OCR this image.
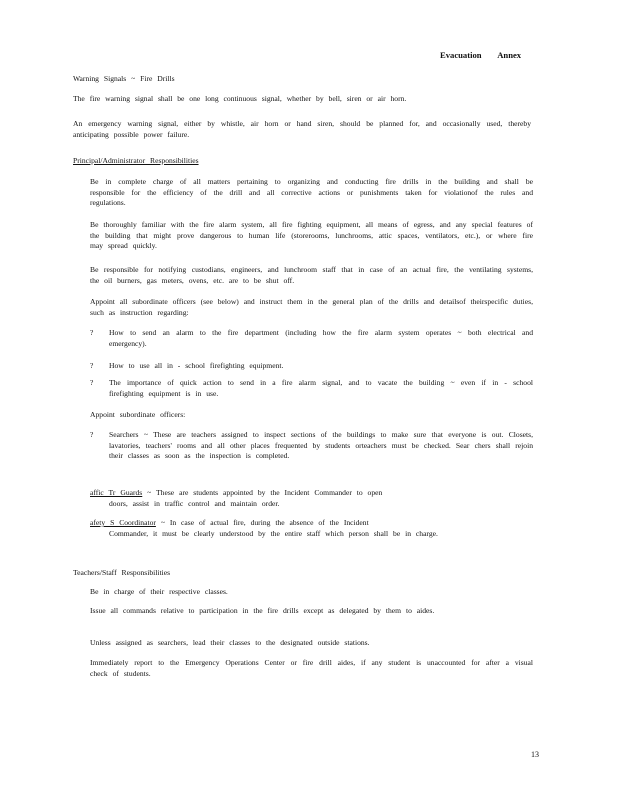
Evacuation Annex
Warning Signals ~ Fire Drills
The fire warning signal shall be one long continuous signal, whether by bell, siren or air horn.
An emergency warning signal, either by whistle, air horn or hand siren, should be planned for, and occasionally used, thereby anticipating possible power failure.
Principal/Administrator Responsibilities
Be in complete charge of all matters pertaining to organizing and conducting fire drills in the building and shall be responsible for the efficiency of the drill and all corrective actions or punishments taken for violationof the rules and regulations.
Be thoroughly familiar with the fire alarm system, all fire fighting equipment, all means of egress, and any special features of the building that might prove dangerous to human life (storerooms, lunchrooms, attic spaces, ventilators, etc.), or where fire may spread quickly.
Be responsible for notifying custodians, engineers, and lunchroom staff that in case of an actual fire, the ventilating systems, the oil burners, gas meters, ovens, etc. are to be shut off.
Appoint all subordinate officers (see below) and instruct them in the general plan of the drills and detailsof theirspecific duties, such as instruction regarding:
?	How to send an alarm to the fire department (including how the fire alarm system operates ~ both electrical and emergency).
?	How to use all in - school firefighting equipment.
?	The importance of quick action to send in a fire alarm signal, and to vacate the building ~ even if in - school firefighting equipment is in use.
Appoint subordinate officers:
?	Searchers ~ These are teachers assigned to inspect sections of the buildings to make sure that everyone is out. Closets, lavatories, teachers' rooms and all other places frequented by students orteachers must be checked. Sear chers shall rejoin their classes as soon as the inspection is completed.
affic Tr Guards ~ These are students appointed by the Incident Commander to open
doors, assist in traffic control and maintain order.
afety S Coordinator ~ In case of actual fire, during the absence of the Incident
Commander, it must be clearly understood by the entire staff which person shall be in charge.
Teachers/Staff Responsibilities
Be in charge of their respective classes.
Issue all commands relative to participation in the fire drills except as delegated by them to aides.
Unless assigned as searchers, lead their classes to the designated outside stations.
Immediately report to the Emergency Operations Center or fire drill aides, if any student is unaccounted for after a visual check of students.
13
